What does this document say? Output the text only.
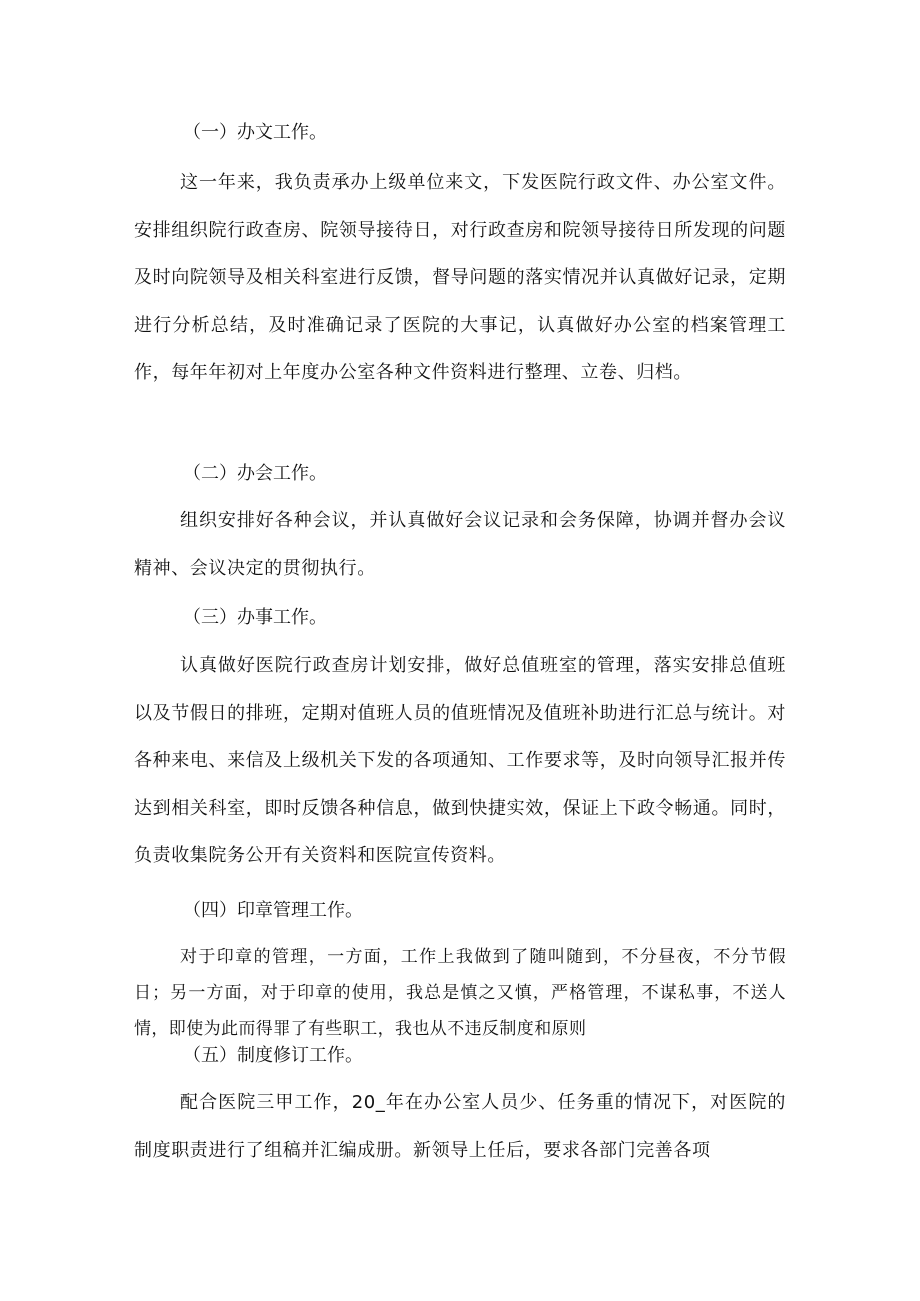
（一）办文工作。
这一年来，我负责承办上级单位来文，下发医院行政文件、办公室文件。安排组织院行政查房、院领导接待日，对行政查房和院领导接待日所发现的问题及时向院领导及相关科室进行反馈，督导问题的落实情况并认真做好记录，定期进行分析总结，及时准确记录了医院的大事记，认真做好办公室的档案管理工作，每年年初对上年度办公室各种文件资料进行整理、立卷、归档。
（二）办会工作。
组织安排好各种会议，并认真做好会议记录和会务保障，协调并督办会议精神、会议决定的贯彻执行。
（三）办事工作。
认真做好医院行政查房计划安排，做好总值班室的管理，落实安排总值班以及节假日的排班，定期对值班人员的值班情况及值班补助进行汇总与统计。对各种来电、来信及上级机关下发的各项通知、工作要求等，及时向领导汇报并传达到相关科室，即时反馈各种信息，做到快捷实效，保证上下政令畅通。同时，负责收集院务公开有关资料和医院宣传资料。
（四）印章管理工作。
对于印章的管理，一方面，工作上我做到了随叫随到，不分昼夜，不分节假日；另一方面，对于印章的使用，我总是慎之又慎，严格管理，不谋私事，不送人情，即使为此而得罪了有些职工，我也从不违反制度和原则
（五）制度修订工作。
配合医院三甲工作，20_年在办公室人员少、任务重的情况下，对医院的制度职责进行了组稿并汇编成册。新领导上任后，要求各部门完善各项
